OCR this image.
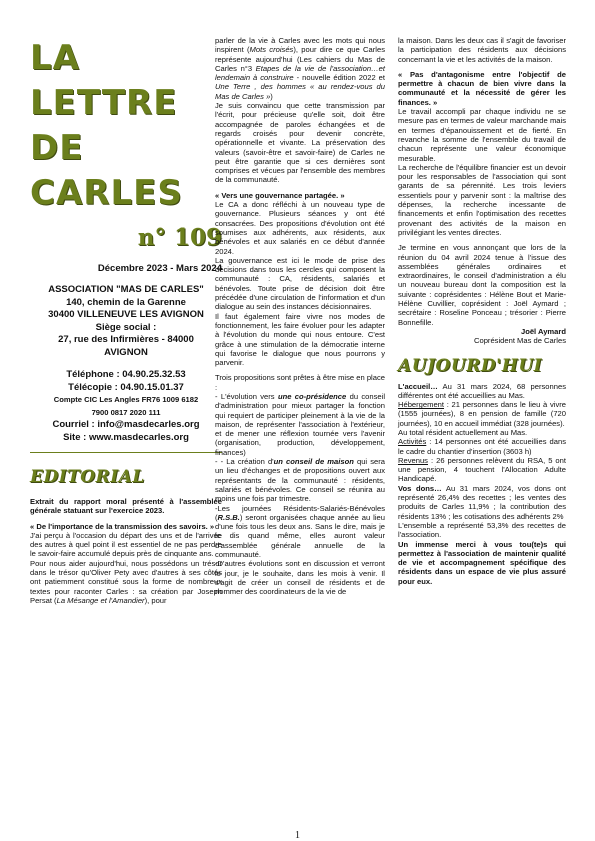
LA
LETTRE
DE
CARLES
n° 109
Décembre 2023 - Mars 2024
ASSOCIATION "MAS DE CARLES"
140, chemin de la Garenne
30400 VILLENEUVE LES AVIGNON
Siège social :
27, rue des Infirmières - 84000
AVIGNON
Téléphone : 04.90.25.32.53
Télécopie : 04.90.15.01.37
Compte CIC Les Angles FR76 1009 6182
7900 0817 2020 111
Courriel : info@masdecarles.org
Site : www.masdecarles.org
EDITORIAL

Extrait du rapport moral présenté à l'assemblée générale statuant sur l'exercice 2023.

« De l'importance de la transmission des savoirs. »

J'ai perçu à l'occasion du départ des uns et de l'arrivée des autres à quel point il est essentiel de ne pas perdre le savoir-faire accumulé depuis près de cinquante ans.

Pour nous aider aujourd'hui, nous possédons un trésor dans le trésor qu'Oliver Pety avec d'autres à ses côtés ont patiemment constitué sous la forme de nombreux textes pour raconter Carles : sa création par Joseph Persat (La Mésange et l'Amandier), pour

parler de la vie à Carles avec les mots qui nous inspirent (Mots croisés), pour dire ce que Carles représente aujourd'hui (Les cahiers du Mas de Carles n°3 Etapes de la vie de l'association…et lendemain à construire - nouvelle édition 2022 et Une Terre , des hommes « au rendez-vous du Mas de Carles »)

Je suis convaincu que cette transmission par l'écrit, pour précieuse qu'elle soit, doit être accompagnée de paroles échangées et de regards croisés pour devenir concrète, opérationnelle et vivante. La préservation des valeurs (savoir-être et savoir-faire) de Carles ne peut être garantie que si ces dernières sont comprises et vécues par l'ensemble des membres de la communauté.

« Vers une gouvernance partagée. »

Le CA a donc réfléchi à un nouveau type de gouvernance. Plusieurs séances y ont été consacrées. Des propositions d'évolution ont été soumises aux adhérents, aux résidents, aux bénévoles et aux salariés en ce début d'année 2024.

La gouvernance est ici le mode de prise des décisions dans tous les cercles qui composent la communauté : CA, résidents, salariés et bénévoles. Toute prise de décision doit être précédée d'une circulation de l'information et d'un dialogue au sein des instances décisionnaires.

Il faut également faire vivre nos modes de fonctionnement, les faire évoluer pour les adapter à l'évolution du monde qui nous entoure. C'est grâce à une stimulation de la démocratie interne qui favorise le dialogue que nous pourrons y parvenir.

Trois propositions sont prêtes à être mise en place :

- L'évolution vers une co-présidence du conseil d'administration pour mieux partager la fonction qui requiert de participer pleinement à la vie de la maison, de représenter l'association à l'extérieur, et de mener une réflexion tournée vers l'avenir (organisation, production, développement, finances)

- - La création d'un conseil de maison qui sera un lieu d'échanges et de propositions ouvert aux représentants de la communauté : résidents, salariés et bénévoles. Ce conseil se réunira au moins une fois par trimestre.

-Les journées Résidents-Salariés-Bénévoles (R.S.B.) seront organisées chaque année au lieu d'une fois tous les deux ans. Sans le dire, mais je le dis quand même, elles auront valeur d'assemblée générale annuelle de la communauté.

-D'autres évolutions sont en discussion et verront le jour, je le souhaite, dans les mois à venir. Il s'agit de créer un conseil de résidents et de nommer des coordinateurs de la vie de

la maison. Dans les deux cas il s'agit de favoriser la participation des résidents aux décisions concernant la vie et les activités de la maison.

« Pas d'antagonisme entre l'objectif de permettre à chacun de bien vivre dans la communauté et la nécessité de gérer les finances. »

Le travail accompli par chaque individu ne se mesure pas en termes de valeur marchande mais en termes d'épanouissement et de fierté. En revanche la somme de l'ensemble du travail de chacun représente une valeur économique mesurable.

La recherche de l'équilibre financier est un devoir pour les responsables de l'association qui sont garants de sa pérennité. Les trois leviers essentiels pour y parvenir sont : la maîtrise des dépenses, la recherche incessante de financements et enfin l'optimisation des recettes provenant des activités de la maison en privilégiant les ventes directes.

Je termine en vous annonçant que lors de la réunion du 04 avril 2024 tenue à l'issue des assemblées générales ordinaires et extraordinaires, le conseil d'administration a élu un nouveau bureau dont la composition est la suivante : coprésidentes : Hélène Bout et Marie-Hélène Cuvillier, coprésident : Joël Aymard ; secrétaire : Roseline Ponceau ; trésorier : Pierre Bonnefille.

Joël Aymard

Coprésident Mas de Carles

AUJOURD'HUI

L'accueil… Au 31 mars 2024, 68 personnes différentes ont été accueillies au Mas.

Hébergement : 21 personnes dans le lieu à vivre (1555 journées), 8 en pension de famille (720 journées), 10 en accueil immédiat (328 journées).

Au total résident actuellement au Mas.

Activités : 14 personnes ont été accueillies dans le cadre du chantier d'insertion (3603 h)

Revenus : 26 personnes relèvent du RSA, 5 ont une pension, 4 touchent l'Allocation Adulte Handicapé.

Vos dons… Au 31 mars 2024, vos dons ont représenté 26,4% des recettes ; les ventes des produits de Carles 11,9% ; la contribution des résidents 13% ; les cotisations des adhérents 2%

L'ensemble a représenté 53,3% des recettes de l'association.

Un immense merci à vous tou(te)s qui permettez à l'association de maintenir qualité de vie et accompagnement spécifique des résidents dans un espace de vie plus assuré pour eux.

1
